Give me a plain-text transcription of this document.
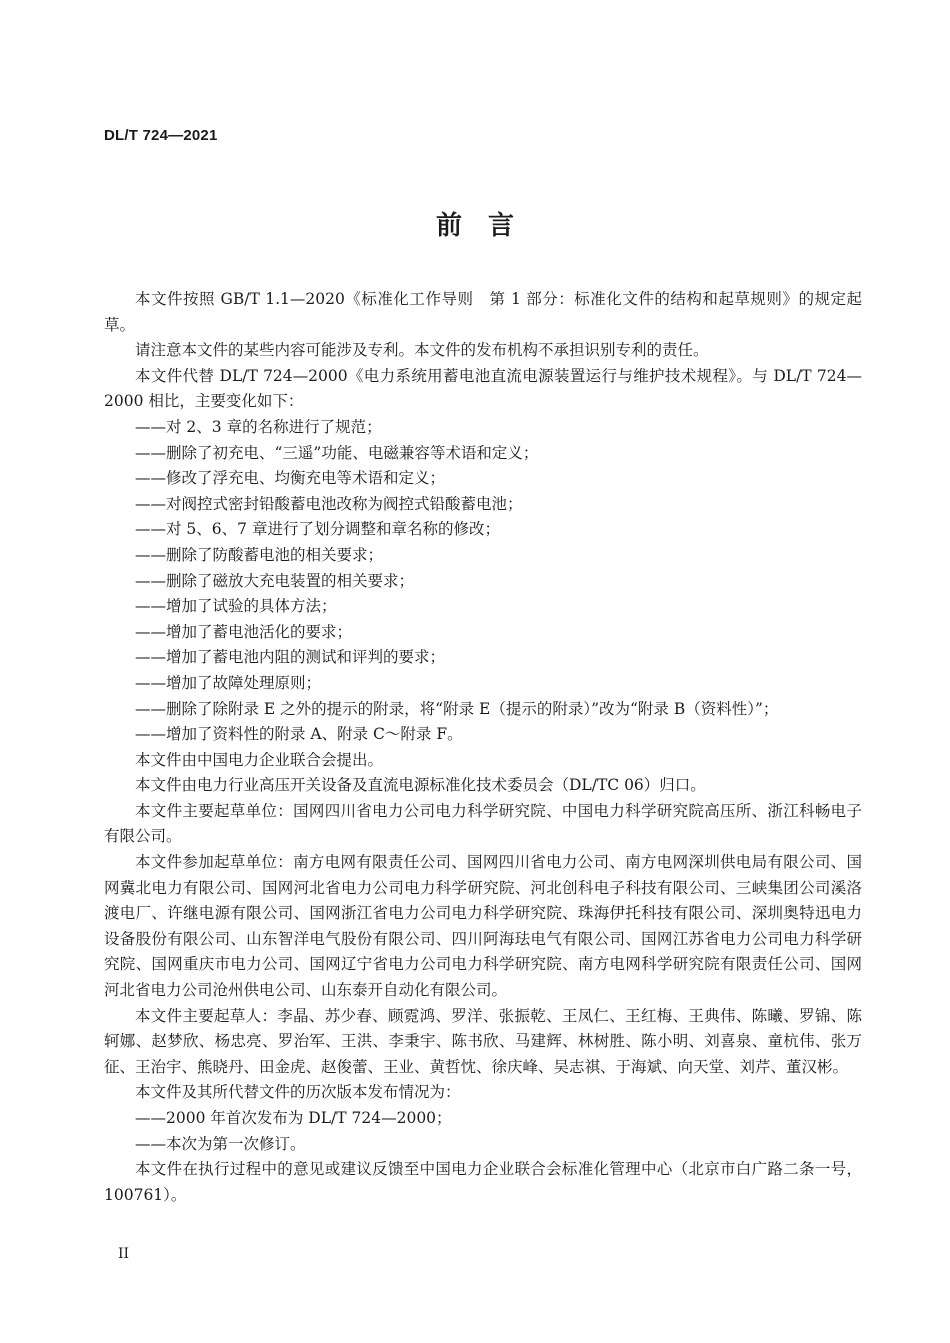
DL/T 724—2021
前　言

本文件按照 GB/T 1.1—2020《标准化工作导则　第 1 部分：标准化文件的结构和起草规则》的规定起草。

请注意本文件的某些内容可能涉及专利。本文件的发布机构不承担识别专利的责任。

本文件代替 DL/T 724—2000《电力系统用蓄电池直流电源装置运行与维护技术规程》。与 DL/T 724—2000 相比，主要变化如下：

——对 2、3 章的名称进行了规范；

——删除了初充电、“三遥”功能、电磁兼容等术语和定义；

——修改了浮充电、均衡充电等术语和定义；

——对阀控式密封铅酸蓄电池改称为阀控式铅酸蓄电池；

——对 5、6、7 章进行了划分调整和章名称的修改；

——删除了防酸蓄电池的相关要求；

——删除了磁放大充电装置的相关要求；

——增加了试验的具体方法；

——增加了蓄电池活化的要求；

——增加了蓄电池内阻的测试和评判的要求；

——增加了故障处理原则；

——删除了除附录 E 之外的提示的附录，将“附录 E（提示的附录）”改为“附录 B（资料性）”；

——增加了资料性的附录 A、附录 C～附录 F。

本文件由中国电力企业联合会提出。

本文件由电力行业高压开关设备及直流电源标准化技术委员会（DL/TC 06）归口。

本文件主要起草单位：国网四川省电力公司电力科学研究院、中国电力科学研究院高压所、浙江科畅电子有限公司。

本文件参加起草单位：南方电网有限责任公司、国网四川省电力公司、南方电网深圳供电局有限公司、国网冀北电力有限公司、国网河北省电力公司电力科学研究院、河北创科电子科技有限公司、三峡集团公司溪洛渡电厂、许继电源有限公司、国网浙江省电力公司电力科学研究院、珠海伊托科技有限公司、深圳奥特迅电力设备股份有限公司、山东智洋电气股份有限公司、四川阿海珐电气有限公司、国网江苏省电力公司电力科学研究院、国网重庆市电力公司、国网辽宁省电力公司电力科学研究院、南方电网科学研究院有限责任公司、国网河北省电力公司沧州供电公司、山东泰开自动化有限公司。

本文件主要起草人：李晶、苏少春、顾霓鸿、罗洋、张振乾、王凤仁、王红梅、王典伟、陈曦、罗锦、陈轲娜、赵梦欣、杨忠亮、罗治军、王洪、李秉宇、陈书欣、马建辉、林树胜、陈小明、刘喜泉、童杭伟、张万征、王治宇、熊晓丹、田金虎、赵俊蕾、王业、黄哲忱、徐庆峰、吴志祺、于海斌、向天堂、刘芹、董汉彬。

本文件及其所代替文件的历次版本发布情况为：

——2000 年首次发布为 DL/T 724—2000；

——本次为第一次修订。

本文件在执行过程中的意见或建议反馈至中国电力企业联合会标准化管理中心（北京市白广路二条一号，100761）。

II
